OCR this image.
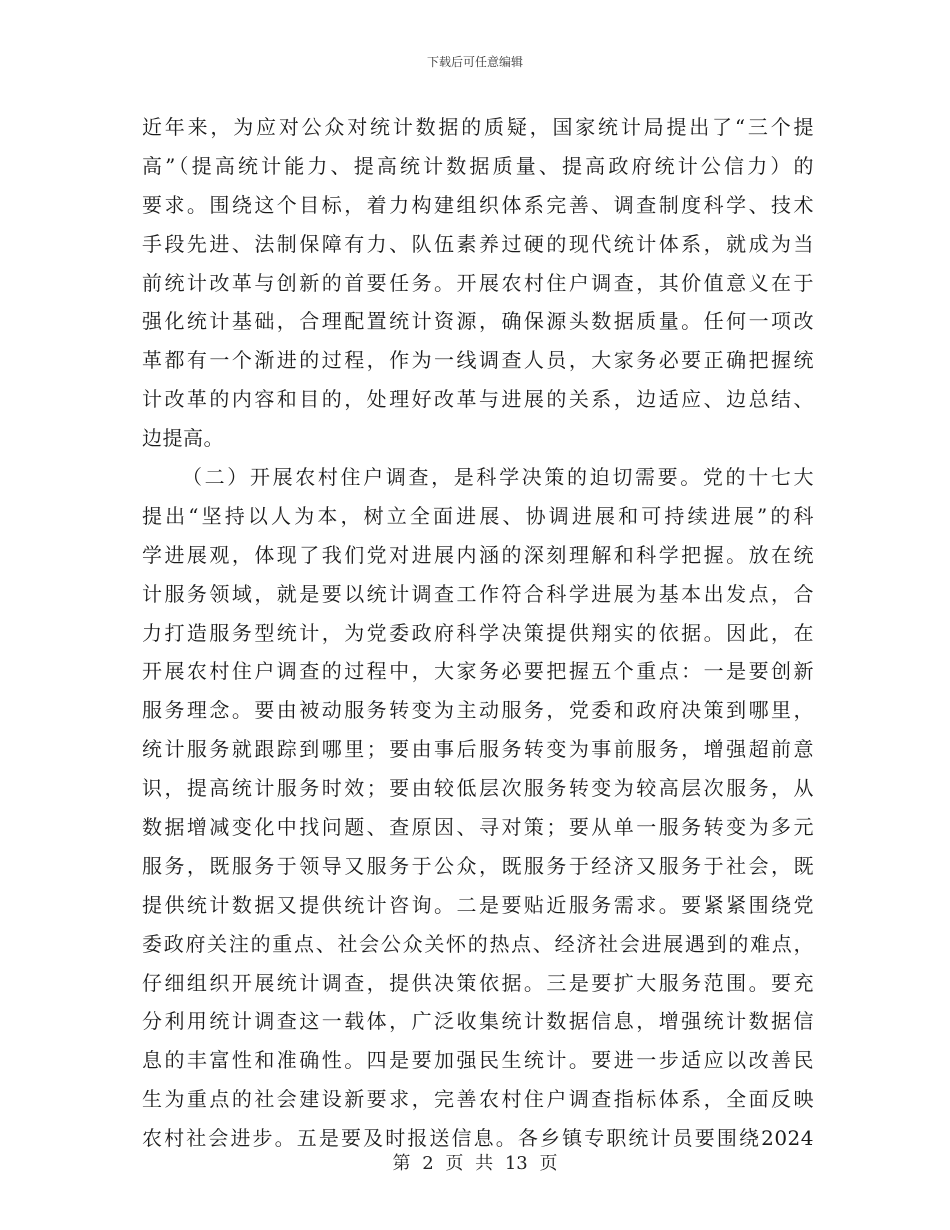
下载后可任意编辑
近年来，为应对公众对统计数据的质疑，国家统计局提出了“三个提
高”（提高统计能力、提高统计数据质量、提高政府统计公信力）的
要求。围绕这个目标，着力构建组织体系完善、调查制度科学、技术
手段先进、法制保障有力、队伍素养过硬的现代统计体系，就成为当
前统计改革与创新的首要任务。开展农村住户调查，其价值意义在于
强化统计基础，合理配置统计资源，确保源头数据质量。任何一项改
革都有一个渐进的过程，作为一线调查人员，大家务必要正确把握统
计改革的内容和目的，处理好改革与进展的关系，边适应、边总结、
边提高。
（二）开展农村住户调查，是科学决策的迫切需要。党的十七大
提出“坚持以人为本，树立全面进展、协调进展和可持续进展”的科
学进展观，体现了我们党对进展内涵的深刻理解和科学把握。放在统
计服务领域，就是要以统计调查工作符合科学进展为基本出发点，合
力打造服务型统计，为党委政府科学决策提供翔实的依据。因此，在
开展农村住户调查的过程中，大家务必要把握五个重点：一是要创新
服务理念。要由被动服务转变为主动服务，党委和政府决策到哪里，
统计服务就跟踪到哪里；要由事后服务转变为事前服务，增强超前意
识，提高统计服务时效；要由较低层次服务转变为较高层次服务，从
数据增减变化中找问题、查原因、寻对策；要从单一服务转变为多元
服务，既服务于领导又服务于公众，既服务于经济又服务于社会，既
提供统计数据又提供统计咨询。二是要贴近服务需求。要紧紧围绕党
委政府关注的重点、社会公众关怀的热点、经济社会进展遇到的难点，
仔细组织开展统计调查，提供决策依据。三是要扩大服务范围。要充
分利用统计调查这一载体，广泛收集统计数据信息，增强统计数据信
息的丰富性和准确性。四是要加强民生统计。要进一步适应以改善民
生为重点的社会建设新要求，完善农村住户调查指标体系，全面反映
农村社会进步。五是要及时报送信息。各乡镇专职统计员要围绕2024
第 2 页 共 13 页
